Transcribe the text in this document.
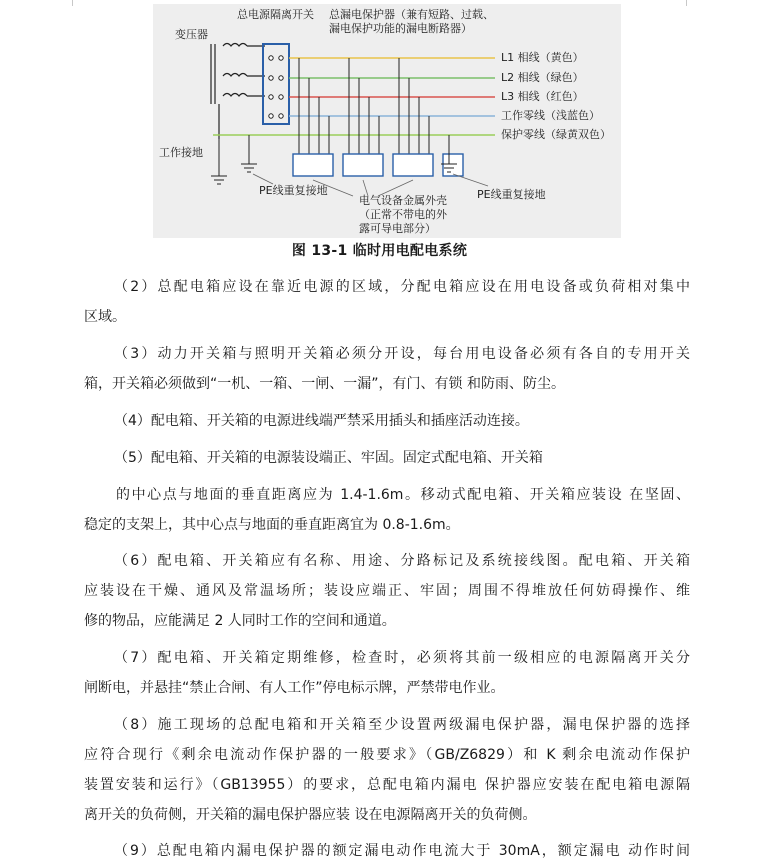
变压器
总电源隔离开关 总漏电保护器（兼有短路、过载、
漏电保护功能的漏电断路器）
L1 相线（黄色）
L2 相线（绿色）
L3 相线（红色）
工作零线（浅蓝色）
保护零线（绿黄双色）
工作接地
PE线重复接地	PE线重复接地
电气设备金属外壳
（正常不带电的外
露可导电部分）
图 13-1 临时用电配电系统
（2）总配电箱应设在靠近电源的区域，分配电箱应设在用电设备或负荷相对集中
区域。
（3）动力开关箱与照明开关箱必须分开设，每台用电设备必须有各自的专用开关
箱，开关箱必须做到“一机、一箱、一闸、一漏”，有门、有锁 和防雨、防尘。
（4）配电箱、开关箱的电源进线端严禁采用插头和插座活动连接。
（5）配电箱、开关箱的电源装设端正、牢固。固定式配电箱、开关箱
的中心点与地面的垂直距离应为 1.4-1.6m。移动式配电箱、开关箱应装设 在坚固、
稳定的支架上，其中心点与地面的垂直距离宜为 0.8-1.6m。
（6）配电箱、开关箱应有名称、用途、分路标记及系统接线图。配电箱、开关箱
应装设在干燥、通风及常温场所；装设应端正、牢固；周围不得堆放任何妨碍操作、维
修的物品，应能满足 2 人同时工作的空间和通道。
（7）配电箱、开关箱定期维修，检查时，必须将其前一级相应的电源隔离开关分
闸断电，并悬挂“禁止合闸、有人工作”停电标示牌，严禁带电作业。
（8）施工现场的总配电箱和开关箱至少设置两级漏电保护器，漏电保护器的选择
应符合现行《剩余电流动作保护器的一般要求》（GB/Z6829）和 K 剩余电流动作保护
装置安装和运行》（GB13955）的要求，总配电箱内漏电 保护器应安装在配电箱电源隔
离开关的负荷侧，开关箱的漏电保护器应装 设在电源隔离开关的负荷侧。
（9）总配电箱内漏电保护器的额定漏电动作电流大于 30mA，额定漏电 动作时间
